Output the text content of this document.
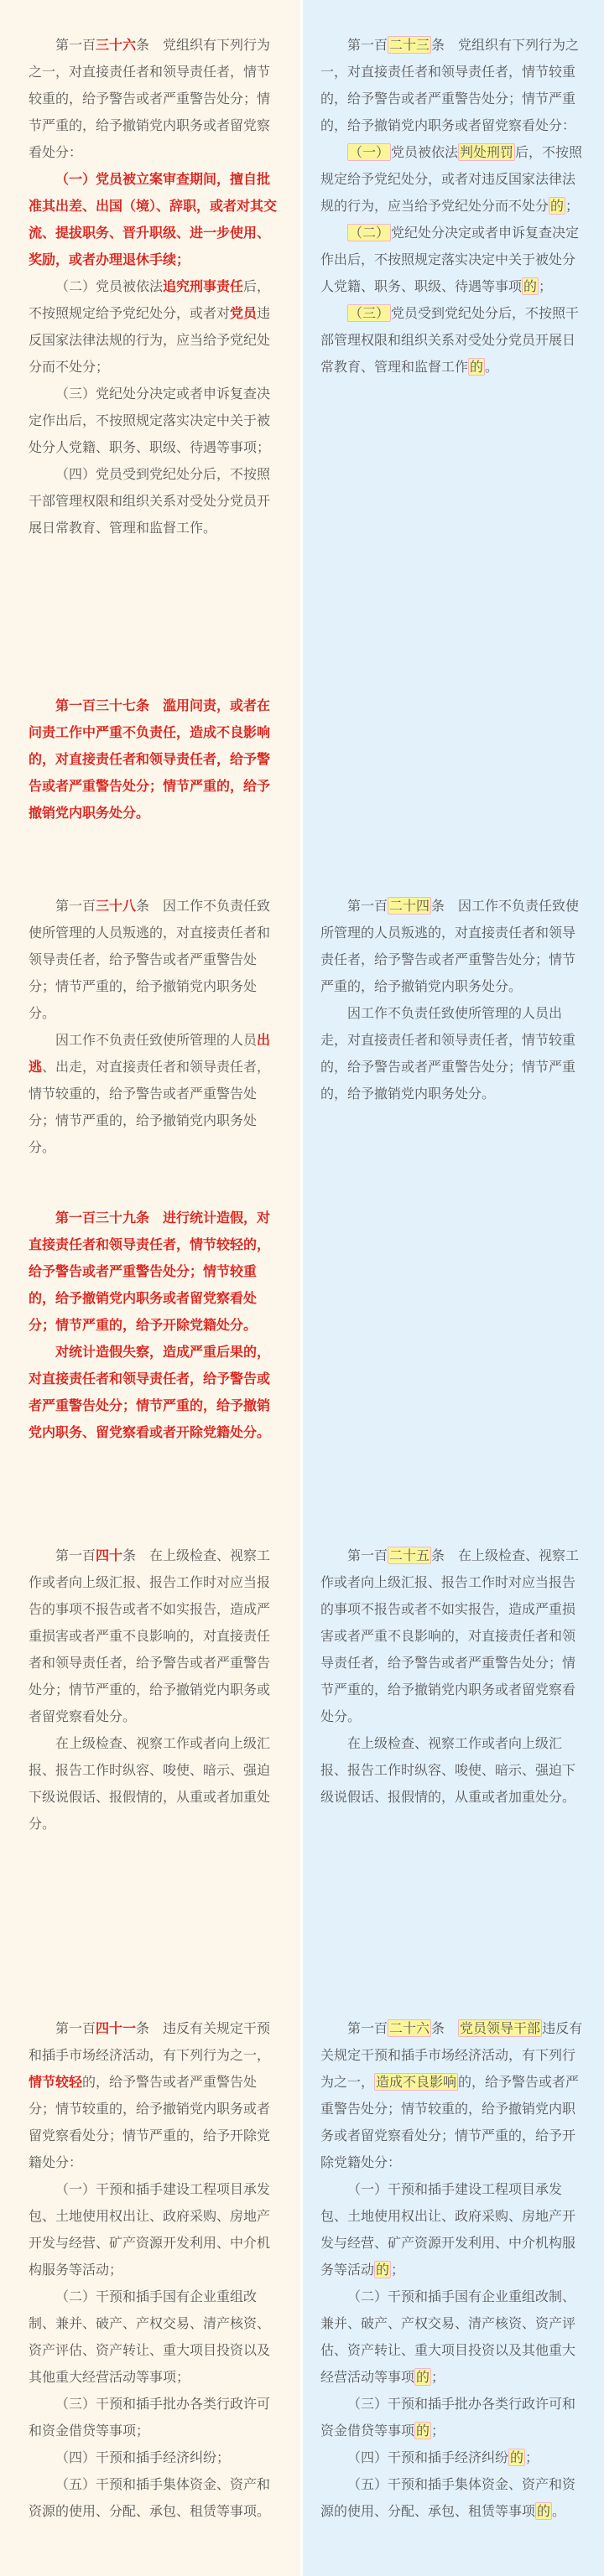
第一百三十六条　党组织有下列行为之一，对直接责任者和领导责任者，情节较重的，给予警告或者严重警告处分；情节严重的，给予撤销党内职务或者留党察看处分：

（一）党员被立案审查期间，擅自批准其出差、出国（境）、辞职，或者对其交流、提拔职务、晋升职级、进一步使用、奖励，或者办理退休手续；

（二）党员被依法追究刑事责任后，不按照规定给予党纪处分，或者对党员违反国家法律法规的行为，应当给予党纪处分而不处分；

（三）党纪处分决定或者申诉复查决定作出后，不按照规定落实决定中关于被处分人党籍、职务、职级、待遇等事项；

（四）党员受到党纪处分后，不按照干部管理权限和组织关系对受处分党员开展日常教育、管理和监督工作。

第一百三十七条　滥用问责，或者在问责工作中严重不负责任，造成不良影响的，对直接责任者和领导责任者，给予警告或者严重警告处分；情节严重的，给予撤销党内职务处分。

第一百三十八条　因工作不负责任致使所管理的人员叛逃的，对直接责任者和领导责任者，给予警告或者严重警告处分；情节严重的，给予撤销党内职务处分。

因工作不负责任致使所管理的人员出逃、出走，对直接责任者和领导责任者，情节较重的，给予警告或者严重警告处分；情节严重的，给予撤销党内职务处分。

第一百三十九条　进行统计造假，对直接责任者和领导责任者，情节较轻的，给予警告或者严重警告处分；情节较重的，给予撤销党内职务或者留党察看处分；情节严重的，给予开除党籍处分。

对统计造假失察，造成严重后果的，对直接责任者和领导责任者，给予警告或者严重警告处分；情节严重的，给予撤销党内职务、留党察看或者开除党籍处分。

第一百四十条　在上级检查、视察工作或者向上级汇报、报告工作时对应当报告的事项不报告或者不如实报告，造成严重损害或者严重不良影响的，对直接责任者和领导责任者，给予警告或者严重警告处分；情节严重的，给予撤销党内职务或者留党察看处分。

在上级检查、视察工作或者向上级汇报、报告工作时纵容、唆使、暗示、强迫下级说假话、报假情的，从重或者加重处分。

第一百四十一条　违反有关规定干预和插手市场经济活动，有下列行为之一，情节较轻的，给予警告或者严重警告处分；情节较重的，给予撤销党内职务或者留党察看处分；情节严重的，给予开除党籍处分：

（一）干预和插手建设工程项目承发包、土地使用权出让、政府采购、房地产开发与经营、矿产资源开发利用、中介机构服务等活动；

（二）干预和插手国有企业重组改制、兼并、破产、产权交易、清产核资、资产评估、资产转让、重大项目投资以及其他重大经营活动等事项；

（三）干预和插手批办各类行政许可和资金借贷等事项；

（四）干预和插手经济纠纷；

（五）干预和插手集体资金、资产和资源的使用、分配、承包、租赁等事项。

第一百 二十三 条　党组织有下列行为之一，对直接责任者和领导责任者，情节较重的，给予警告或者严重警告处分；情节严重的，给予撤销党内职务或者留党察看处分：

（一） 党员被依法 判处刑罚 后，不按照规定给予党纪处分，或者对违反国家法律法规的行为，应当给予党纪处分而不处分 的 ；

（二） 党纪处分决定或者申诉复查决定作出后，不按照规定落实决定中关于被处分人党籍、职务、职级、待遇等事项 的 ；

（三） 党员受到党纪处分后，不按照干部管理权限和组织关系对受处分党员开展日常教育、管理和监督工作 的 。

第一百 二十四 条　因工作不负责任致使所管理的人员叛逃的，对直接责任者和领导责任者，给予警告或者严重警告处分；情节严重的，给予撤销党内职务处分。

因工作不负责任致使所管理的人员出走，对直接责任者和领导责任者，情节较重的，给予警告或者严重警告处分；情节严重的，给予撤销党内职务处分。

第一百 二十五 条　在上级检查、视察工作或者向上级汇报、报告工作时对应当报告的事项不报告或者不如实报告，造成严重损害或者严重不良影响的，对直接责任者和领导责任者，给予警告或者严重警告处分；情节严重的，给予撤销党内职务或者留党察看处分。

在上级检查、视察工作或者向上级汇报、报告工作时纵容、唆使、暗示、强迫下级说假话、报假情的，从重或者加重处分。

第一百 二十六 条　党员领导干部 违反有关规定干预和插手市场经济活动，有下列行为之一， 造成不良影响 的，给予警告或者严重警告处分；情节较重的，给予撤销党内职务或者留党察看处分；情节严重的，给予开除党籍处分：

（一）干预和插手建设工程项目承发包、土地使用权出让、政府采购、房地产开发与经营、矿产资源开发利用、中介机构服务等活动 的 ；

（二）干预和插手国有企业重组改制、兼并、破产、产权交易、清产核资、资产评估、资产转让、重大项目投资以及其他重大经营活动等事项 的 ；

（三）干预和插手批办各类行政许可和资金借贷等事项 的 ；

（四）干预和插手经济纠纷 的 ；

（五）干预和插手集体资金、资产和资源的使用、分配、承包、租赁等事项 的 。
